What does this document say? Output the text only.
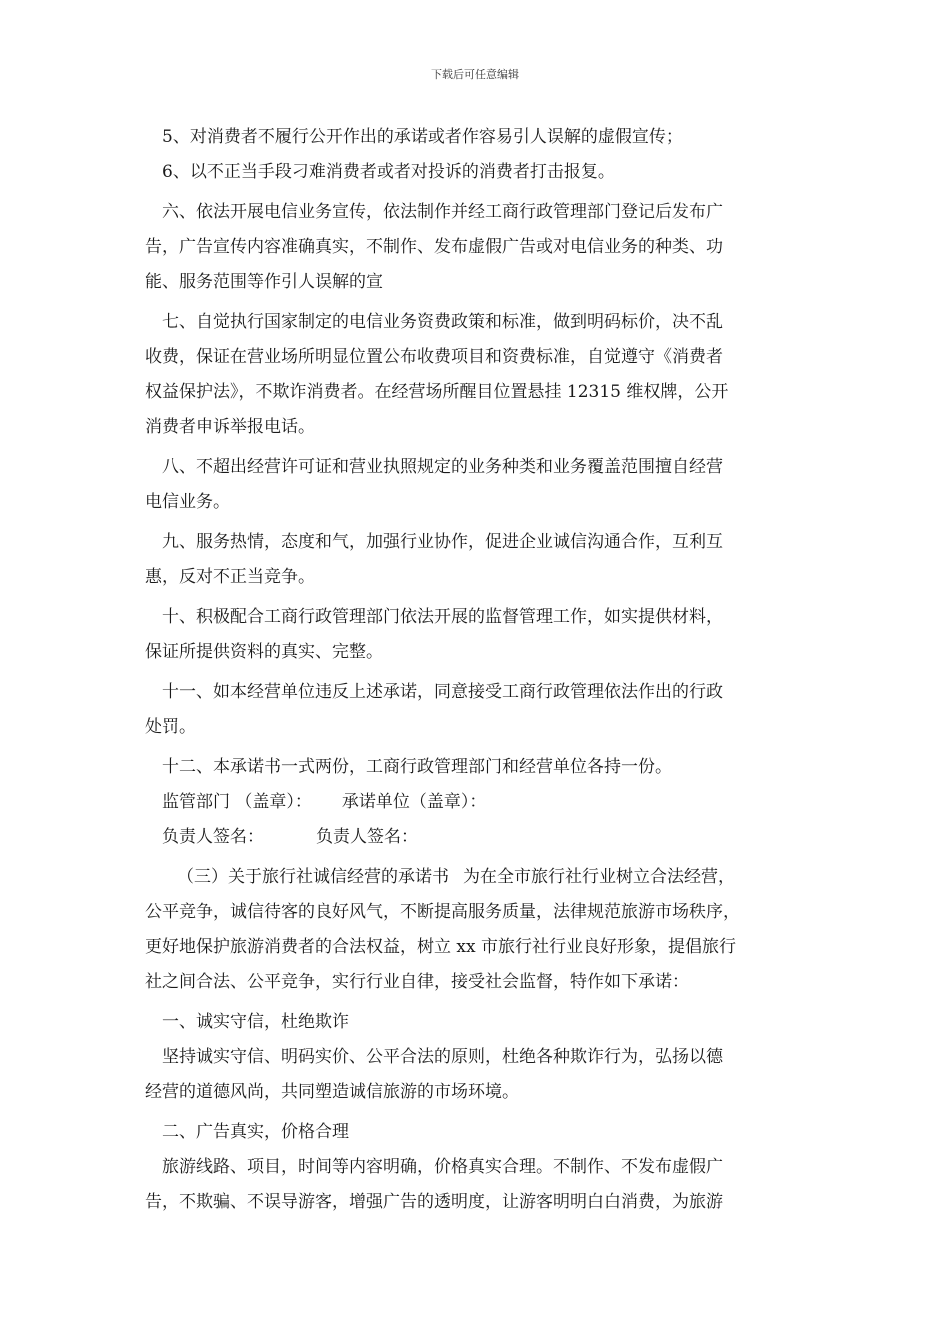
下载后可任意编辑

5、对消费者不履行公开作出的承诺或者作容易引人误解的虚假宣传；

6、以不正当手段刁难消费者或者对投诉的消费者打击报复。

六、依法开展电信业务宣传，依法制作并经工商行政管理部门登记后发布广

告，广告宣传内容准确真实，不制作、发布虚假广告或对电信业务的种类、功

能、服务范围等作引人误解的宣

七、自觉执行国家制定的电信业务资费政策和标准，做到明码标价，决不乱

收费，保证在营业场所明显位置公布收费项目和资费标准，自觉遵守《消费者

权益保护法》，不欺诈消费者。在经营场所醒目位置悬挂 12315 维权牌，公开

消费者申诉举报电话。

八、不超出经营许可证和营业执照规定的业务种类和业务覆盖范围擅自经营

电信业务。

九、服务热情，态度和气，加强行业协作，促进企业诚信沟通合作，互利互

惠，反对不正当竞争。

十、积极配合工商行政管理部门依法开展的监督管理工作，如实提供材料，

保证所提供资料的真实、完整。

十一、如本经营单位违反上述承诺，同意接受工商行政管理依法作出的行政

处罚。

十二、本承诺书一式两份，工商行政管理部门和经营单位各持一份。

监管部门 （盖章）： 承诺单位（盖章）：

负责人签名：	负责人签名：

（三）关于旅行社诚信经营的承诺书 为在全市旅行社行业树立合法经营，

公平竞争，诚信待客的良好风气，不断提高服务质量，法律规范旅游市场秩序，

更好地保护旅游消费者的合法权益，树立 xx 市旅行社行业良好形象，提倡旅行

社之间合法、公平竞争，实行行业自律，接受社会监督，特作如下承诺：

一、诚实守信，杜绝欺诈

坚持诚实守信、明码实价、公平合法的原则，杜绝各种欺诈行为，弘扬以德

经营的道德风尚，共同塑造诚信旅游的市场环境。

二、广告真实，价格合理

旅游线路、项目，时间等内容明确，价格真实合理。不制作、不发布虚假广

告，不欺骗、不误导游客，增强广告的透明度，让游客明明白白消费，为旅游
